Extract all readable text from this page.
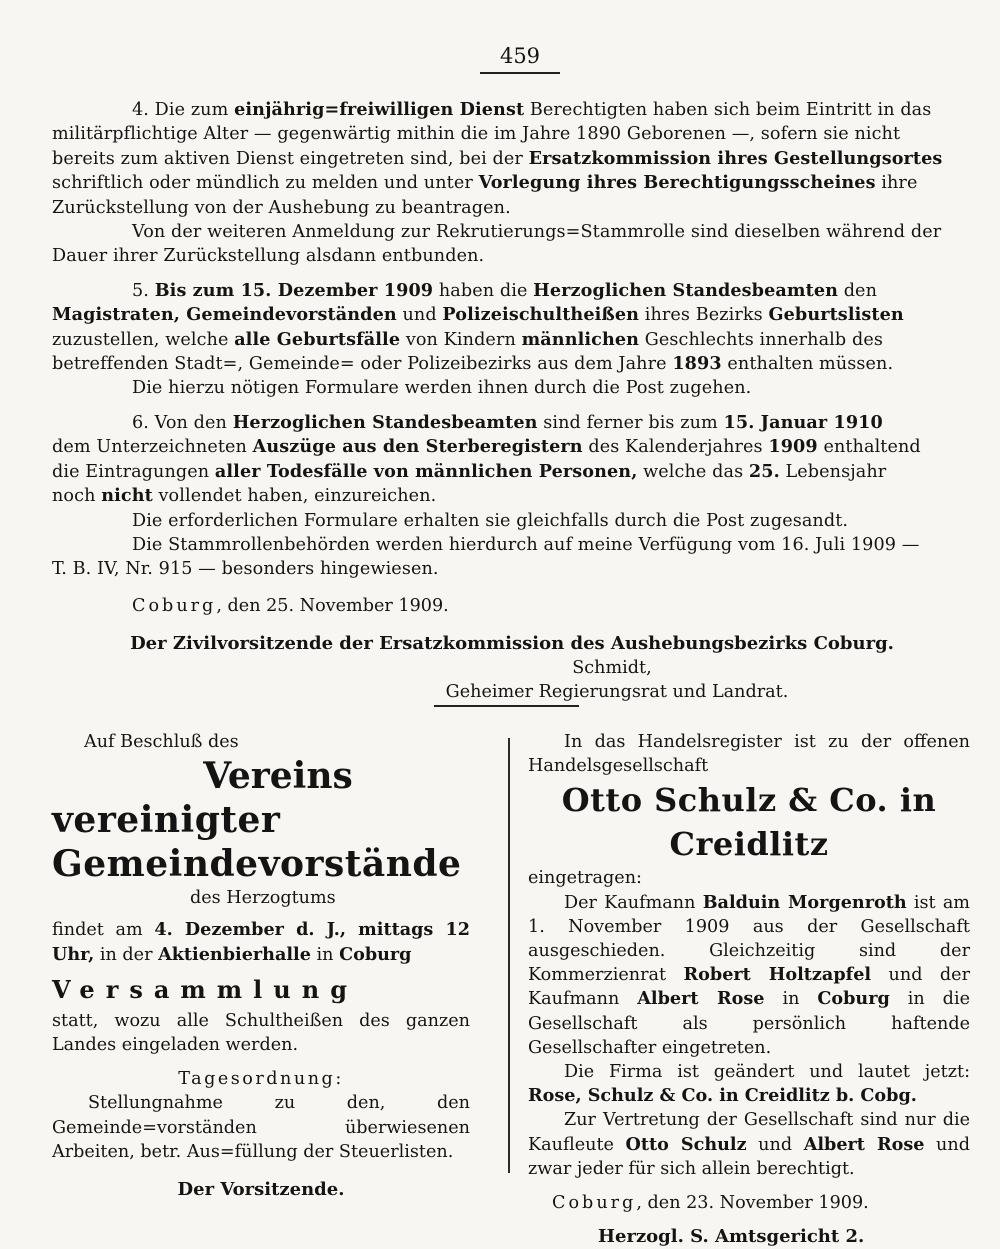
459

4. Die zum einjährig=freiwilligen Dienst Berechtigten haben sich beim Eintritt in das

militärpflichtige Alter — gegenwärtig mithin die im Jahre 1890 Geborenen —, sofern sie nicht

bereits zum aktiven Dienst eingetreten sind, bei der Ersatzkommission ihres Gestellungsortes

schriftlich oder mündlich zu melden und unter Vorlegung ihres Berechtigungsscheines ihre

Zurückstellung von der Aushebung zu beantragen.

Von der weiteren Anmeldung zur Rekrutierungs=Stammrolle sind dieselben während der

Dauer ihrer Zurückstellung alsdann entbunden.

5. Bis zum 15. Dezember 1909 haben die Herzoglichen Standesbeamten den

Magistraten, Gemeindevorständen und Polizeischultheißen ihres Bezirks Geburtslisten

zuzustellen, welche alle Geburtsfälle von Kindern männlichen Geschlechts innerhalb des

betreffenden Stadt=, Gemeinde= oder Polizeibezirks aus dem Jahre 1893 enthalten müssen.

Die hierzu nötigen Formulare werden ihnen durch die Post zugehen.

6. Von den Herzoglichen Standesbeamten sind ferner bis zum 15. Januar 1910

dem Unterzeichneten Auszüge aus den Sterberegistern des Kalenderjahres 1909 enthaltend

die Eintragungen aller Todesfälle von männlichen Personen, welche das 25. Lebensjahr

noch nicht vollendet haben, einzureichen.

Die erforderlichen Formulare erhalten sie gleichfalls durch die Post zugesandt.

Die Stammrollenbehörden werden hierdurch auf meine Verfügung vom 16. Juli 1909 —

T. B. IV, Nr. 915 — besonders hingewiesen.

Coburg, den 25. November 1909.
Der Zivilvorsitzende der Ersatzkommission des Aushebungsbezirks Coburg.
Schmidt,
Geheimer Regierungsrat und Landrat.

Auf Beschluß des

Vereins
vereinigter Gemeindevorstände

des Herzogtums

findet am 4. Dezember d. J., mittags 12 Uhr, in der Aktienbierhalle in Coburg

Versammlung

statt, wozu alle Schultheißen des ganzen Landes eingeladen werden.

Tagesordnung:

Stellungnahme zu den, den Gemeinde=vorständen überwiesenen Arbeiten, betr. Aus=füllung der Steuerlisten.

Der Vorsitzende.

In das Handelsregister ist zu der offenen Handelsgesellschaft

Otto Schulz & Co. in Creidlitz

eingetragen:

Der Kaufmann Balduin Morgenroth ist am 1. November 1909 aus der Gesellschaft ausgeschieden. Gleichzeitig sind der Kommerzienrat Robert Holtzapfel und der Kaufmann Albert Rose in Coburg in die Gesellschaft als persönlich haftende Gesellschafter eingetreten.

Die Firma ist geändert und lautet jetzt: Rose, Schulz & Co. in Creidlitz b. Cobg.

Zur Vertretung der Gesellschaft sind nur die Kaufleute Otto Schulz und Albert Rose und zwar jeder für sich allein berechtigt.

Coburg, den 23. November 1909.

Herzogl. S. Amtsgericht 2.
